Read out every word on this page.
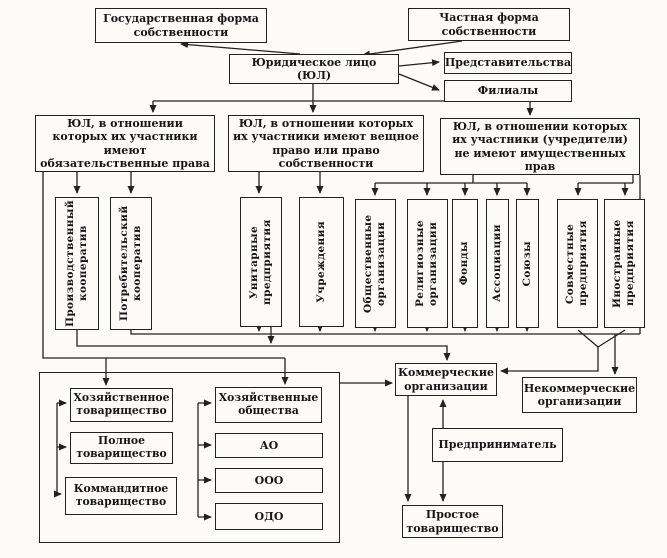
Государственная форма собственности
Частная форма собственности
Юридическое лицо (ЮЛ)
Представительства
Филиалы
ЮЛ, в отношении которых их участники имеют обязательственные права
ЮЛ, в отношении которых их участники имеют вещное право или право собственности
ЮЛ, в отношении которых их участники (учредители) не имеют имущественных прав
Производственный кооператив	Потребительский кооператив	Унитарные предприятия	Учреждения	Общественные организации	Религиозные организации Фонды Ассоциации Союзы	Совместные предприятия Иностранные предприятия
Хозяйственное товарищество
Полное товарищество
Коммандитное товарищество
Хозяйственные общества
АО
ООО
ОДО
Коммерческие организации	Некоммерческие организации
Предприниматель
Простое товарищество
